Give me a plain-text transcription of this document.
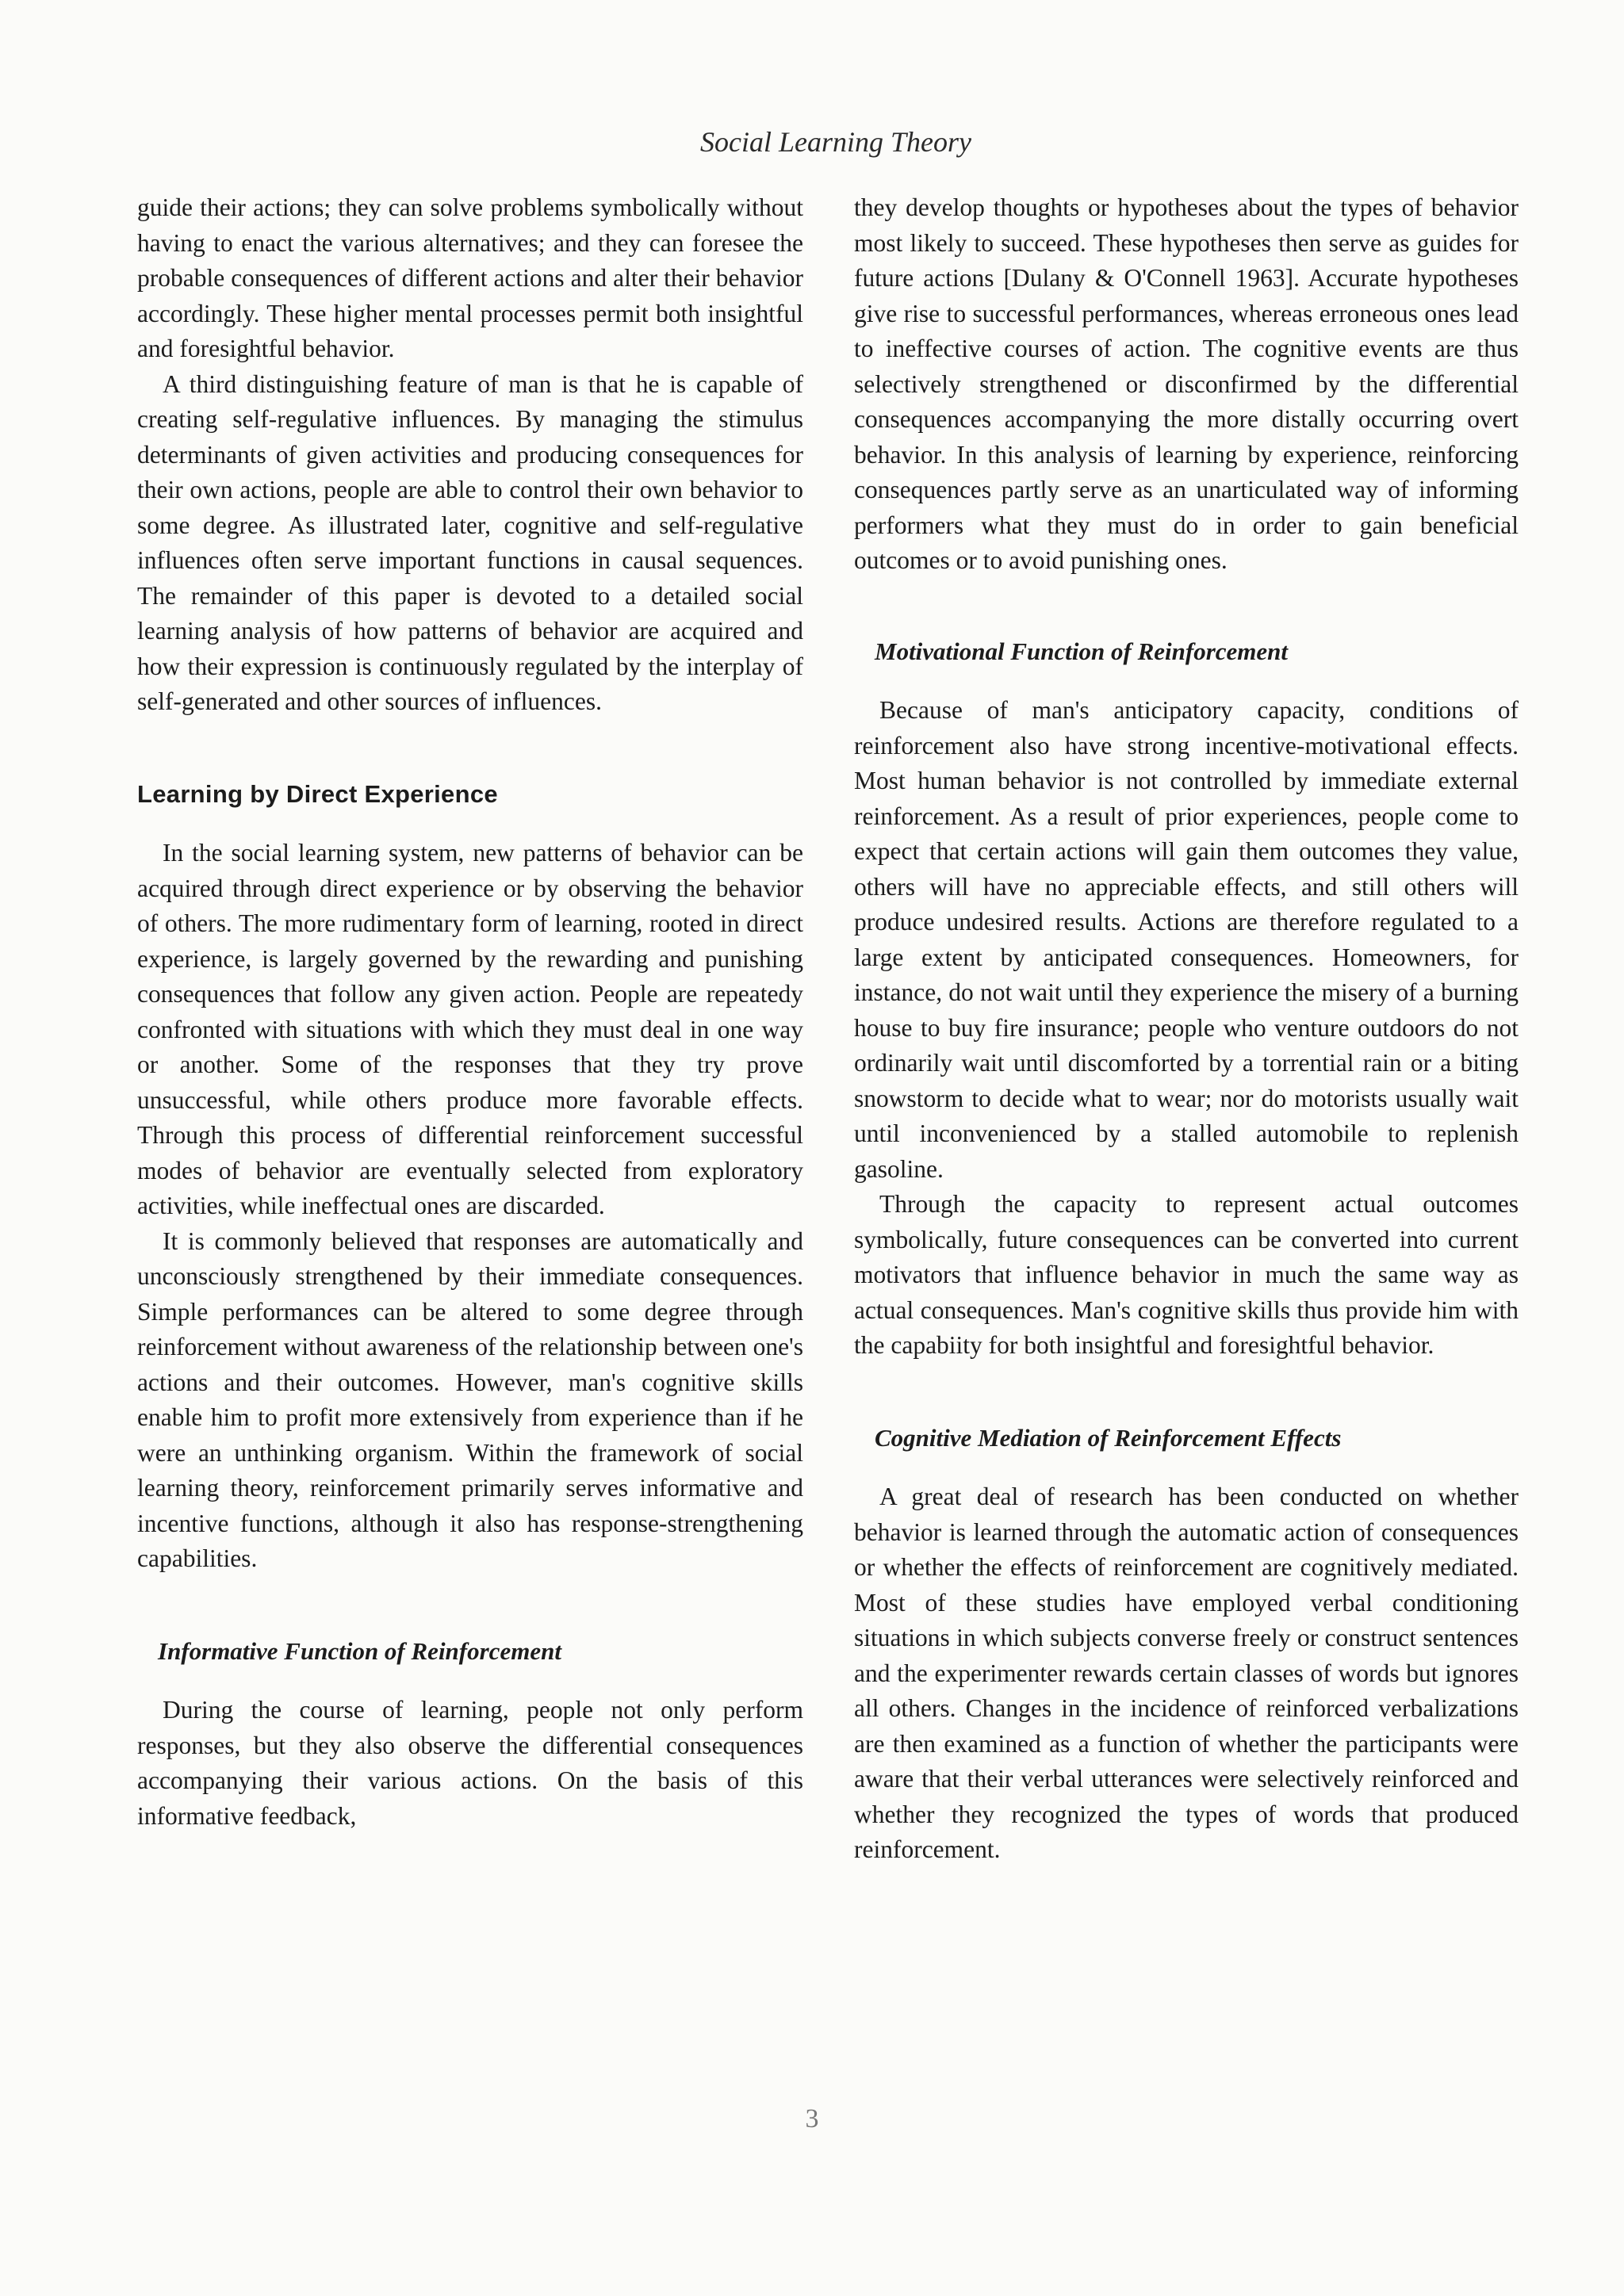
Social Learning Theory

guide their actions; they can solve problems symbolically without having to enact the various alternatives; and they can foresee the probable consequences of different actions and alter their behavior accordingly. These higher mental processes permit both insightful and foresightful behavior.

A third distinguishing feature of man is that he is capable of creating self-regulative influences. By managing the stimulus determinants of given activities and producing consequences for their own actions, people are able to control their own behavior to some degree. As illustrated later, cognitive and self-regulative influences often serve important functions in causal sequences. The remainder of this paper is devoted to a detailed social learning analysis of how patterns of behavior are acquired and how their expression is continuously regulated by the interplay of self-generated and other sources of influences.

Learning by Direct Experience

In the social learning system, new patterns of behavior can be acquired through direct experience or by observing the behavior of others. The more rudimentary form of learning, rooted in direct experience, is largely governed by the rewarding and punishing consequences that follow any given action. People are repeatedy confronted with situations with which they must deal in one way or another. Some of the responses that they try prove unsuccessful, while others produce more favorable effects. Through this process of differential reinforcement successful modes of behavior are eventually selected from exploratory activities, while ineffectual ones are discarded.

It is commonly believed that responses are automatically and unconsciously strengthened by their immediate consequences. Simple performances can be altered to some degree through reinforcement without awareness of the relationship between one's actions and their outcomes. However, man's cognitive skills enable him to profit more extensively from experience than if he were an unthinking organism. Within the framework of social learning theory, reinforcement primarily serves informative and incentive functions, although it also has response-strengthening capabilities.

Informative Function of Reinforcement

During the course of learning, people not only perform responses, but they also observe the differential consequences accompanying their various actions. On the basis of this informative feedback,

they develop thoughts or hypotheses about the types of behavior most likely to succeed. These hypotheses then serve as guides for future actions [Dulany & O'Connell 1963]. Accurate hypotheses give rise to successful performances, whereas erroneous ones lead to ineffective courses of action. The cognitive events are thus selectively strengthened or disconfirmed by the differential consequences accompanying the more distally occurring overt behavior. In this analysis of learning by experience, reinforcing consequences partly serve as an unarticulated way of informing performers what they must do in order to gain beneficial outcomes or to avoid punishing ones.

Motivational Function of Reinforcement

Because of man's anticipatory capacity, conditions of reinforcement also have strong incentive-motivational effects. Most human behavior is not controlled by immediate external reinforcement. As a result of prior experiences, people come to expect that certain actions will gain them outcomes they value, others will have no appreciable effects, and still others will produce undesired results. Actions are therefore regulated to a large extent by anticipated consequences. Homeowners, for instance, do not wait until they experience the misery of a burning house to buy fire insurance; people who venture outdoors do not ordinarily wait until discomforted by a torrential rain or a biting snowstorm to decide what to wear; nor do motorists usually wait until inconvenienced by a stalled automobile to replenish gasoline.

Through the capacity to represent actual outcomes symbolically, future consequences can be converted into current motivators that influence behavior in much the same way as actual consequences. Man's cognitive skills thus provide him with the capabiity for both insightful and foresightful behavior.

Cognitive Mediation of Reinforcement Effects

A great deal of research has been conducted on whether behavior is learned through the automatic action of consequences or whether the effects of reinforcement are cognitively mediated. Most of these studies have employed verbal conditioning situations in which subjects converse freely or construct sentences and the experimenter rewards certain classes of words but ignores all others. Changes in the incidence of reinforced verbalizations are then examined as a function of whether the participants were aware that their verbal utterances were selectively reinforced and whether they recognized the types of words that produced reinforcement.

3
